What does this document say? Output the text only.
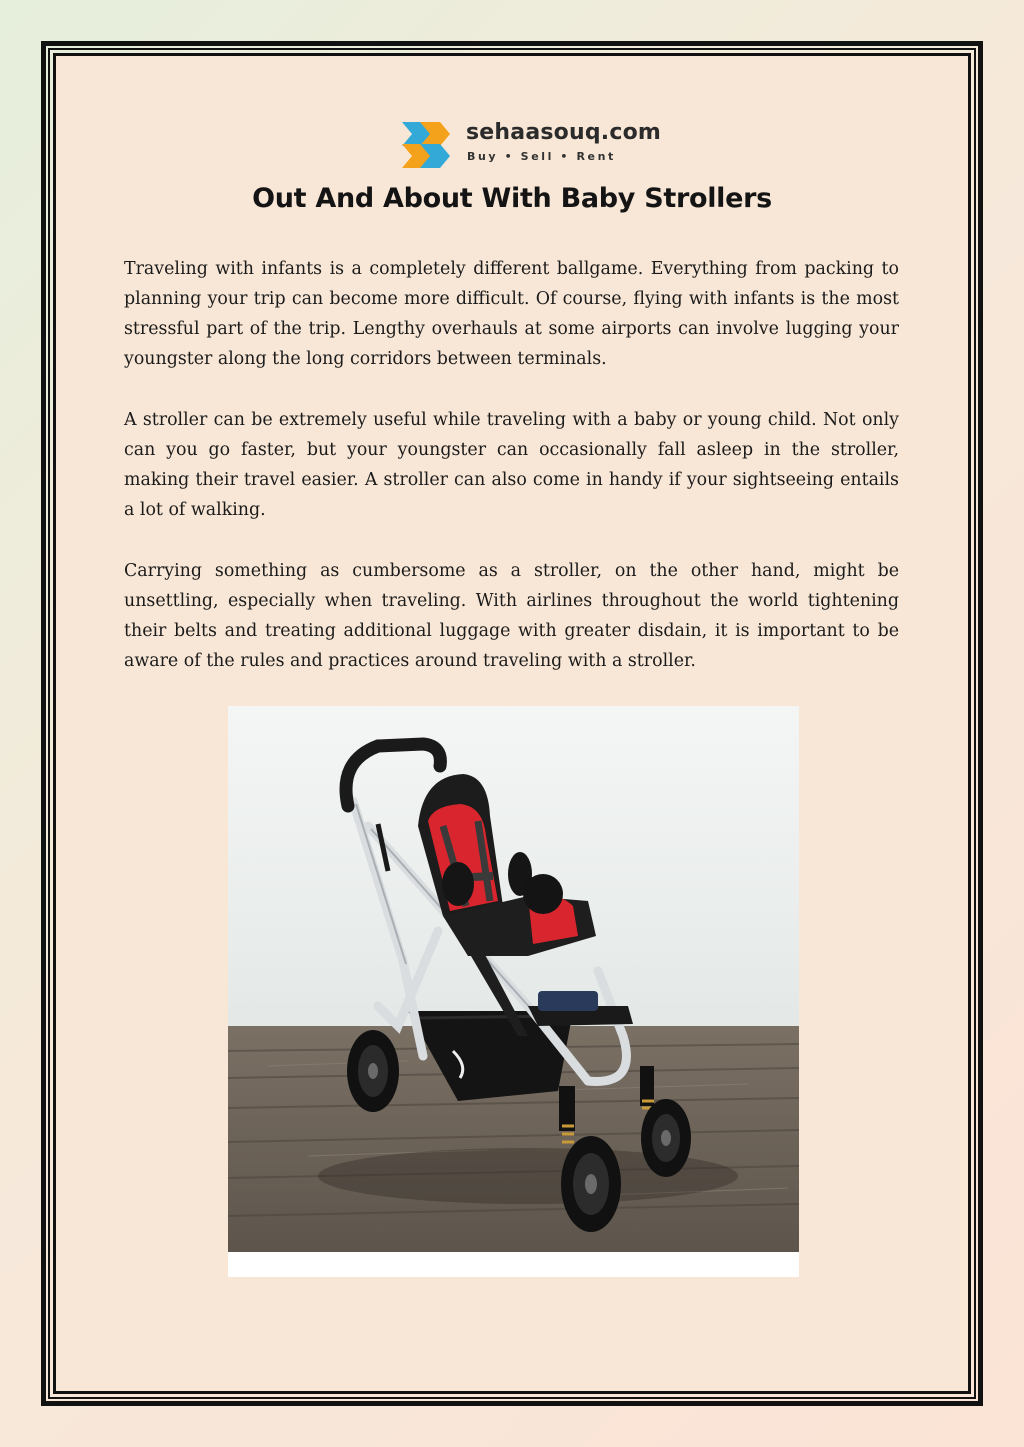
sehaasouq.com
Buy • Sell • Rent
Out And About With Baby Strollers

Traveling with infants is a completely different ballgame. Everything from packing to planning your trip can become more difficult. Of course, flying with infants is the most stressful part of the trip. Lengthy overhauls at some airports can involve lugging your youngster along the long corridors between terminals.

A stroller can be extremely useful while traveling with a baby or young child. Not only can you go faster, but your youngster can occasionally fall asleep in the stroller, making their travel easier. A stroller can also come in handy if your sightseeing entails a lot of walking.

Carrying something as cumbersome as a stroller, on the other hand, might be unsettling, especially when traveling. With airlines throughout the world tightening their belts and treating additional luggage with greater disdain, it is important to be aware of the rules and practices around traveling with a stroller.
